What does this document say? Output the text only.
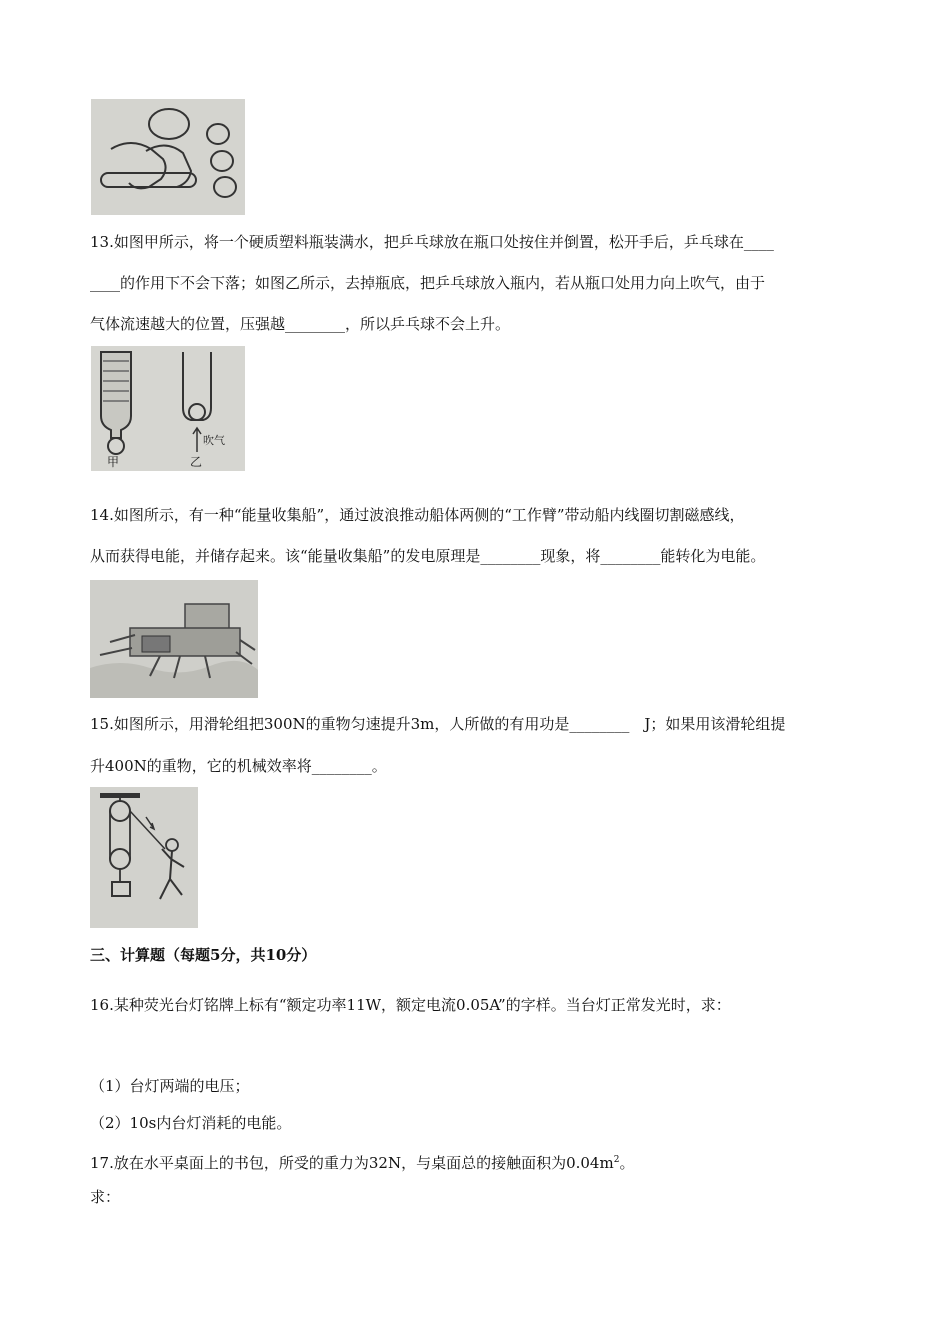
13.如图甲所示，将一个硬质塑料瓶装满水，把乒乓球放在瓶口处按住并倒置，松开手后，乒乓球在____
____的作用下不会下落；如图乙所示，去掉瓶底，把乒乓球放入瓶内，若从瓶口处用力向上吹气，由于
气体流速越大的位置，压强越________，所以乒乓球不会上升。
甲	乙
吹气
14.如图所示，有一种“能量收集船”，通过波浪推动船体两侧的“工作臂”带动船内线圈切割磁感线，
从而获得电能，并储存起来。该“能量收集船”的发电原理是________现象，将________能转化为电能。
15.如图所示，用滑轮组把300N的重物匀速提升3m，人所做的有用功是________　J；如果用该滑轮组提
升400N的重物，它的机械效率将________。
三、计算题（每题5分，共10分）
16.某种荧光台灯铭牌上标有“额定功率11W，额定电流0.05A”的字样。当台灯正常发光时，求：
（1）台灯两端的电压；
（2）10s内台灯消耗的电能。
17.放在水平桌面上的书包，所受的重力为32N，与桌面总的接触面积为$0.04m^2$。
求：
